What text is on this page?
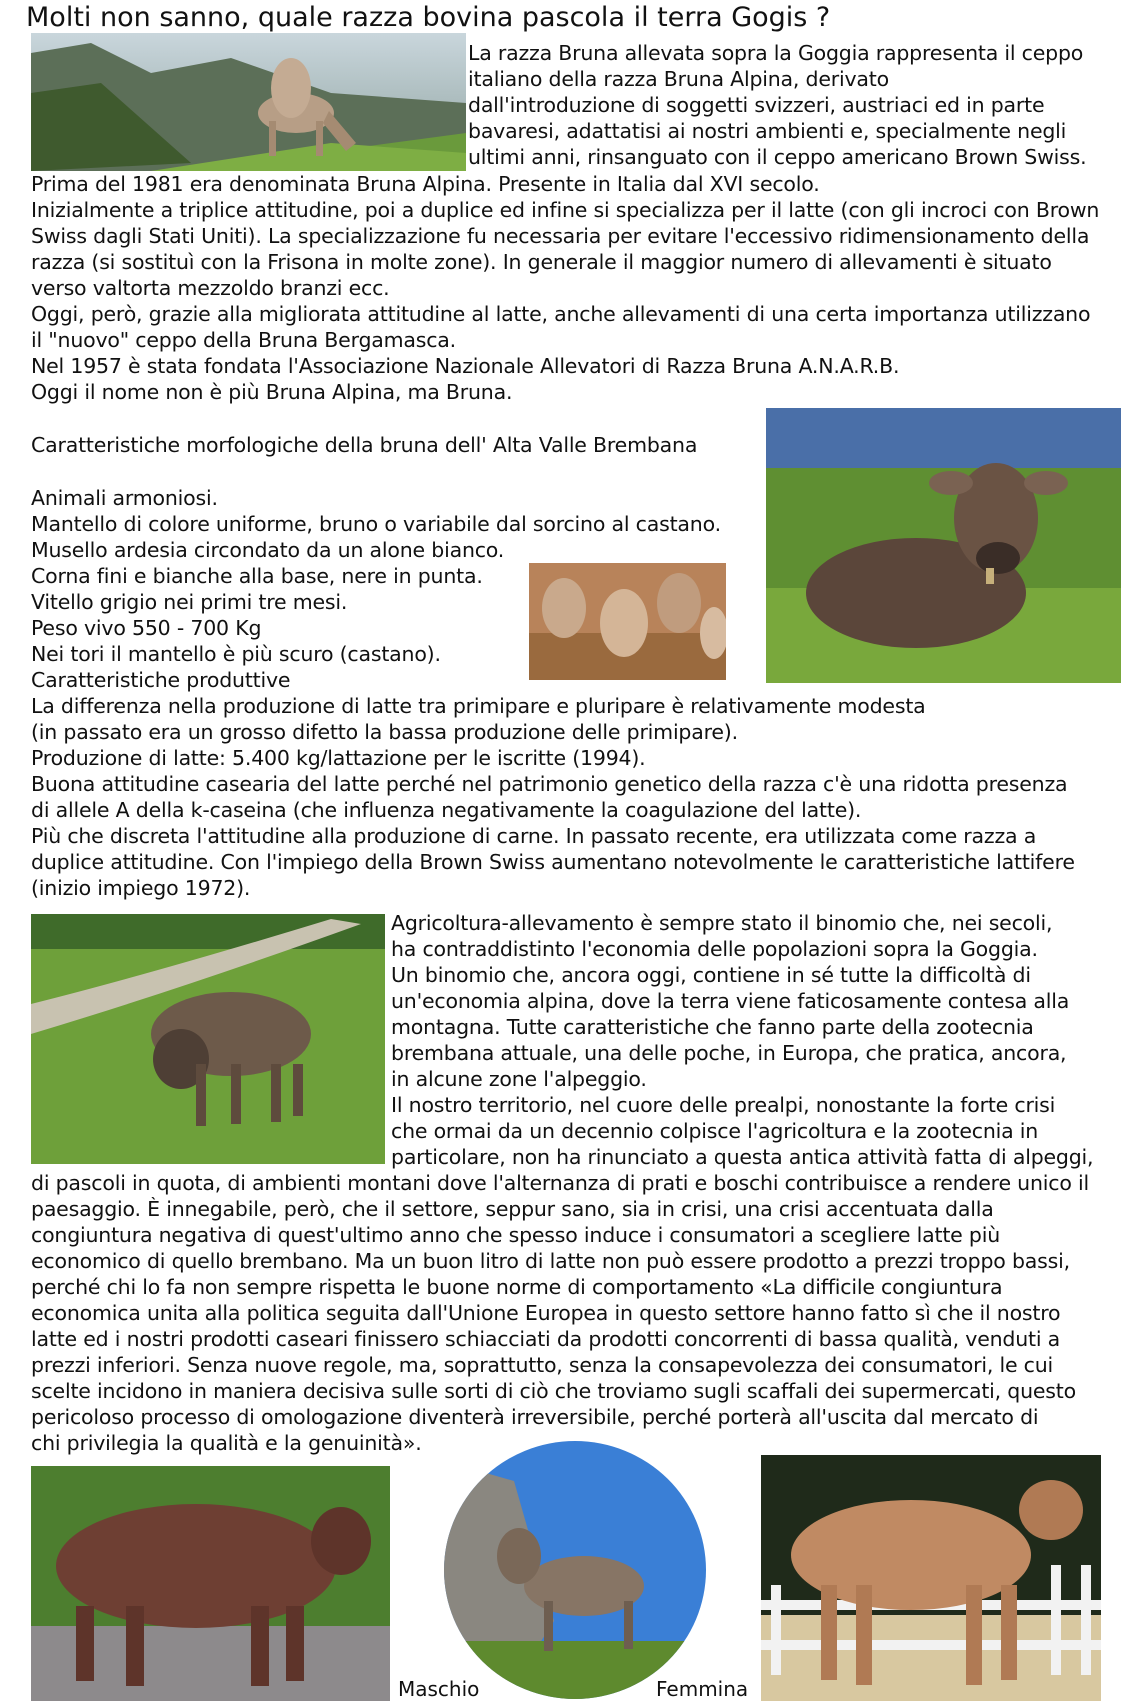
Molti non sanno, quale razza bovina pascola il terra Gogis ?
La razza Bruna allevata sopra la Goggia rappresenta il ceppo
italiano della razza Bruna Alpina, derivato
dall'introduzione di soggetti svizzeri, austriaci ed in parte
bavaresi, adattatisi ai nostri ambienti e, specialmente negli
ultimi anni, rinsanguato con il ceppo americano Brown Swiss.
Prima del 1981 era denominata Bruna Alpina. Presente in Italia dal XVI secolo.
Inizialmente a triplice attitudine, poi a duplice ed infine si specializza per il latte (con gli incroci con Brown
Swiss dagli Stati Uniti). La specializzazione fu necessaria per evitare l'eccessivo ridimensionamento della
razza (si sostituì con la Frisona in molte zone). In generale il maggior numero di allevamenti è situato
verso valtorta mezzoldo branzi ecc.
Oggi, però, grazie alla migliorata attitudine al latte, anche allevamenti di una certa importanza utilizzano
il "nuovo" ceppo della Bruna Bergamasca.
Nel 1957 è stata fondata l'Associazione Nazionale Allevatori di Razza Bruna A.N.A.R.B.
Oggi il nome non è più Bruna Alpina, ma Bruna.
Caratteristiche morfologiche della bruna dell' Alta Valle Brembana
Animali armoniosi.
Mantello di colore uniforme, bruno o variabile dal sorcino al castano.
Musello ardesia circondato da un alone bianco.
Corna fini e bianche alla base, nere in punta.
Vitello grigio nei primi tre mesi.
Peso vivo 550 - 700 Kg
Nei tori il mantello è più scuro (castano).
Caratteristiche produttive
La differenza nella produzione di latte tra primipare e pluripare è relativamente modesta
(in passato era un grosso difetto la bassa produzione delle primipare).
Produzione di latte: 5.400 kg/lattazione per le iscritte (1994).
Buona attitudine casearia del latte perché nel patrimonio genetico della razza c'è una ridotta presenza
di allele A della k-caseina (che influenza negativamente la coagulazione del latte).
Più che discreta l'attitudine alla produzione di carne. In passato recente, era utilizzata come razza a
duplice attitudine. Con l'impiego della Brown Swiss aumentano notevolmente le caratteristiche lattifere
(inizio impiego 1972).
Agricoltura-allevamento è sempre stato il binomio che, nei secoli,
ha contraddistinto l'economia delle popolazioni sopra la Goggia.
Un binomio che, ancora oggi, contiene in sé tutte la difficoltà di
un'economia alpina, dove la terra viene faticosamente contesa alla
montagna. Tutte caratteristiche che fanno parte della zootecnia
brembana attuale, una delle poche, in Europa, che pratica, ancora,
in alcune zone l'alpeggio.
Il nostro territorio, nel cuore delle prealpi, nonostante la forte crisi
che ormai da un decennio colpisce l'agricoltura e la zootecnia in
particolare, non ha rinunciato a questa antica attività fatta di alpeggi,
di pascoli in quota, di ambienti montani dove l'alternanza di prati e boschi contribuisce a rendere unico il
paesaggio. È innegabile, però, che il settore, seppur sano, sia in crisi, una crisi accentuata dalla
congiuntura negativa di quest'ultimo anno che spesso induce i consumatori a scegliere latte più
economico di quello brembano. Ma un buon litro di latte non può essere prodotto a prezzi troppo bassi,
perché chi lo fa non sempre rispetta le buone norme di comportamento «La difficile congiuntura
economica unita alla politica seguita dall'Unione Europea in questo settore hanno fatto sì che il nostro
latte ed i nostri prodotti caseari finissero schiacciati da prodotti concorrenti di bassa qualità, venduti a
prezzi inferiori. Senza nuove regole, ma, soprattutto, senza la consapevolezza dei consumatori, le cui
scelte incidono in maniera decisiva sulle sorti di ciò che troviamo sugli scaffali dei supermercati, questo
pericoloso processo di omologazione diventerà irreversibile, perché porterà all'uscita dal mercato di
chi privilegia la qualità e la genuinità».
Maschio	Femmina
